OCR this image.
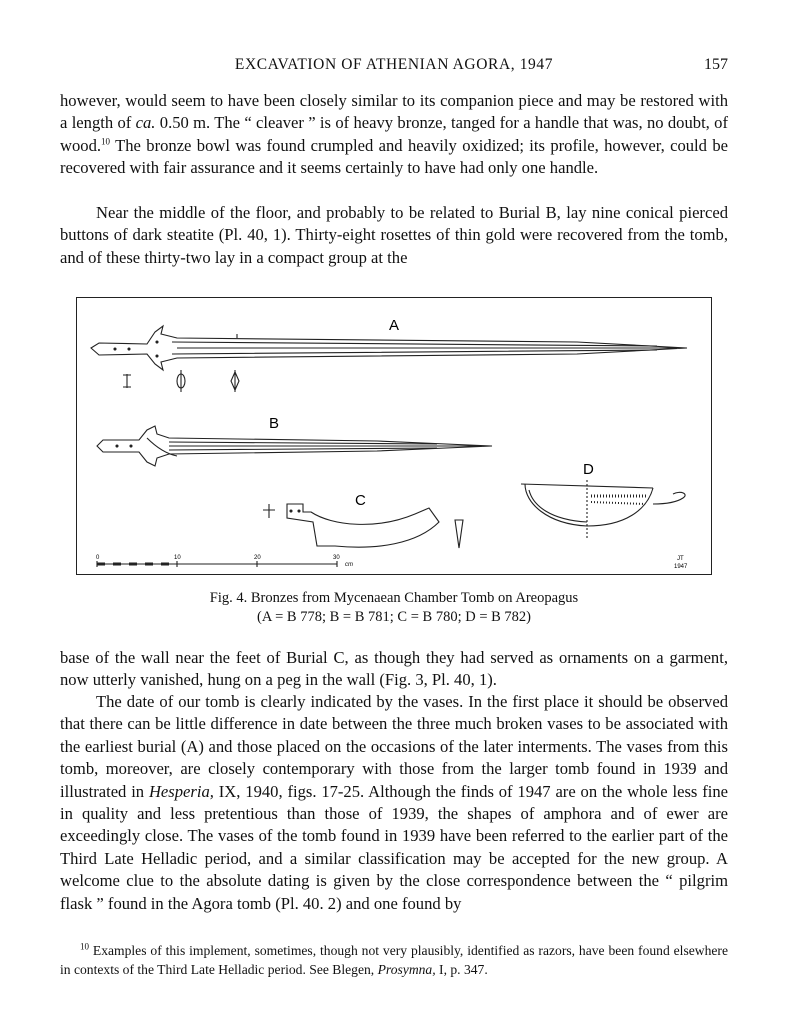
EXCAVATION OF ATHENIAN AGORA, 1947	157
however, would seem to have been closely similar to its companion piece and may be restored with a length of ca. 0.50 m. The “ cleaver ” is of heavy bronze, tanged for a handle that was, no doubt, of wood.$^{10}$ The bronze bowl was found crumpled and heavily oxidized; its profile, however, could be recovered with fair assurance and it seems certainly to have had only one handle.
Near the middle of the floor, and probably to be related to Burial B, lay nine conical pierced buttons of dark steatite (Pl. 40, 1). Thirty-eight rosettes of thin gold were recovered from the tomb, and of these thirty-two lay in a compact group at the
A
B
C
D
0	10	20	30
cm
JT
1947
Fig. 4. Bronzes from Mycenaean Chamber Tomb on Areopagus
(A = B 778; B = B 781; C = B 780; D = B 782)
base of the wall near the feet of Burial C, as though they had served as ornaments on a garment, now utterly vanished, hung on a peg in the wall (Fig. 3, Pl. 40, 1).
The date of our tomb is clearly indicated by the vases. In the first place it should be observed that there can be little difference in date between the three much broken vases to be associated with the earliest burial (A) and those placed on the occasions of the later interments. The vases from this tomb, moreover, are closely contemporary with those from the larger tomb found in 1939 and illustrated in Hesperia, IX, 1940, figs. 17-25. Although the finds of 1947 are on the whole less fine in quality and less pretentious than those of 1939, the shapes of amphora and of ewer are exceedingly close. The vases of the tomb found in 1939 have been referred to the earlier part of the Third Late Helladic period, and a similar classification may be accepted for the new group. A welcome clue to the absolute dating is given by the close correspondence between the “ pilgrim flask ” found in the Agora tomb (Pl. 40. 2) and one found by
$^{10}$ Examples of this implement, sometimes, though not very plausibly, identified as razors, have been found elsewhere in contexts of the Third Late Helladic period. See Blegen, Prosymna, I, p. 347.
